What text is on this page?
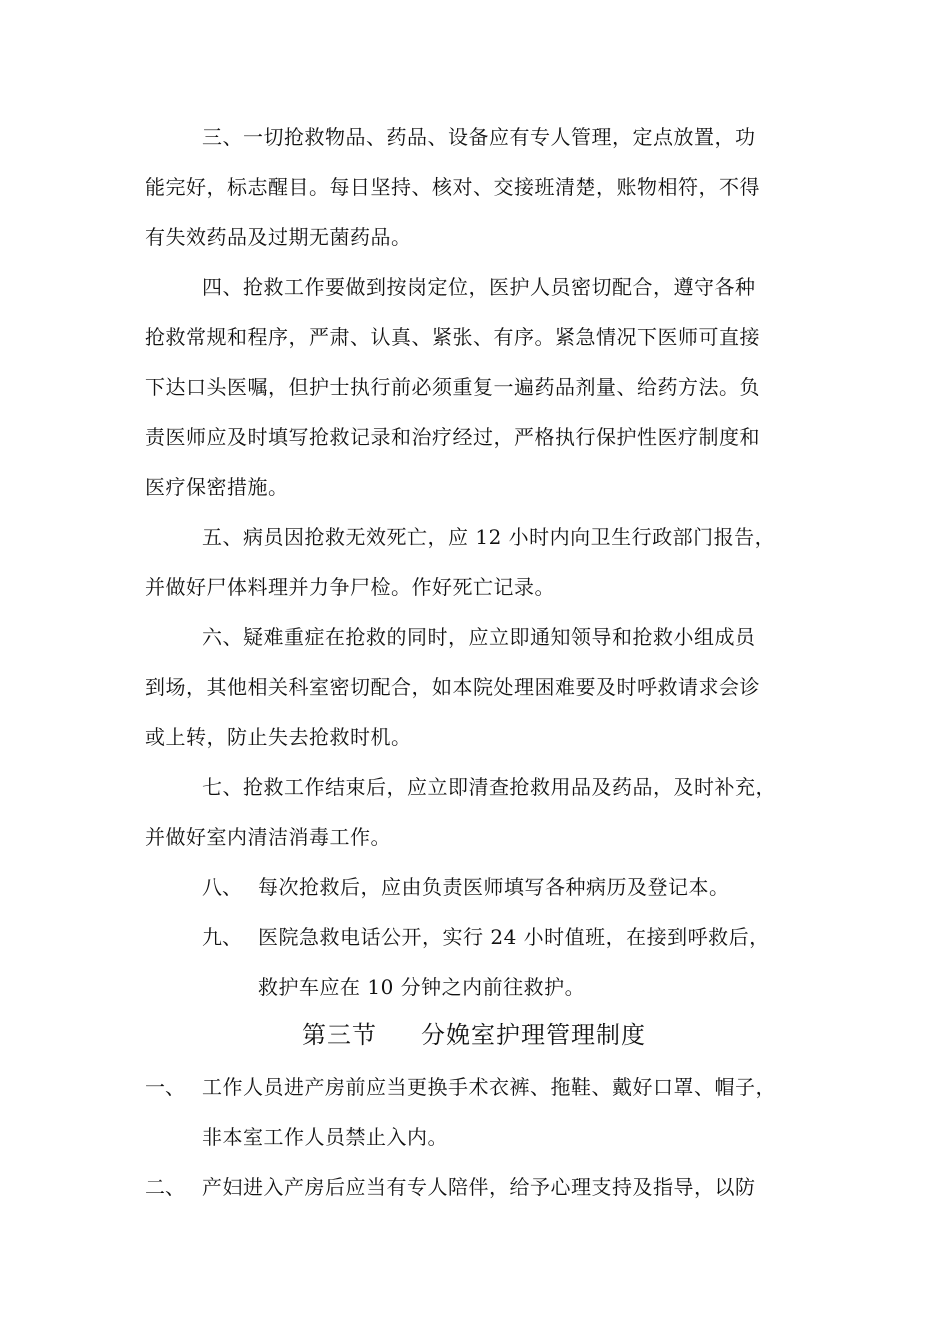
三、一切抢救物品、药品、设备应有专人管理，定点放置，功
能完好，标志醒目。每日坚持、核对、交接班清楚，账物相符，不得
有失效药品及过期无菌药品。
四、抢救工作要做到按岗定位，医护人员密切配合，遵守各种
抢救常规和程序，严肃、认真、紧张、有序。紧急情况下医师可直接
下达口头医嘱，但护士执行前必须重复一遍药品剂量、给药方法。负
责医师应及时填写抢救记录和治疗经过，严格执行保护性医疗制度和
医疗保密措施。
五、病员因抢救无效死亡，应 12 小时内向卫生行政部门报告，
并做好尸体料理并力争尸检。作好死亡记录。
六、疑难重症在抢救的同时，应立即通知领导和抢救小组成员
到场，其他相关科室密切配合，如本院处理困难要及时呼救请求会诊
或上转，防止失去抢救时机。
七、抢救工作结束后，应立即清查抢救用品及药品，及时补充，
并做好室内清洁消毒工作。
八、 每次抢救后，应由负责医师填写各种病历及登记本。
九、 医院急救电话公开，实行 24 小时值班，在接到呼救后，
救护车应在 10 分钟之内前往救护。
第三节 分娩室护理管理制度
一、 工作人员进产房前应当更换手术衣裤、拖鞋、戴好口罩、帽子，
非本室工作人员禁止入内。
二、 产妇进入产房后应当有专人陪伴，给予心理支持及指导，以防
